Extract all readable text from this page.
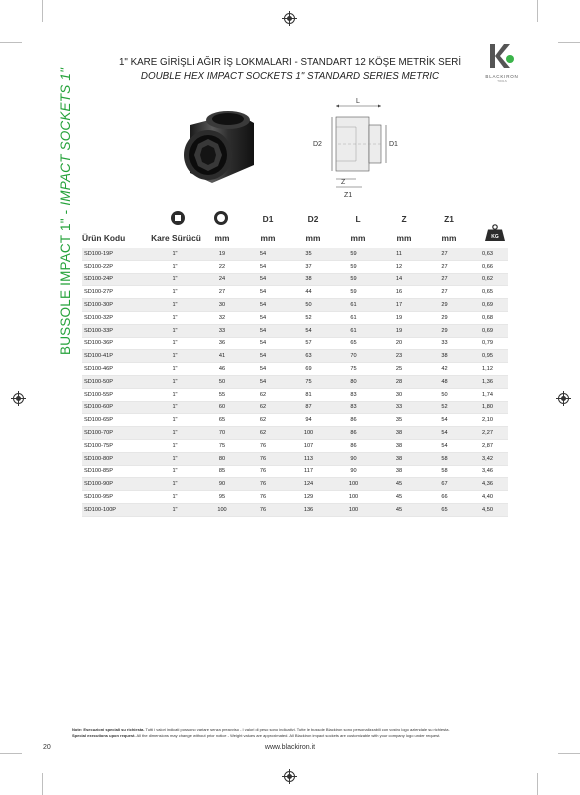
BUSSOLE IMPACT 1" - IMPACT SOCKETS 1"
1" KARE GİRİŞLİ AĞIR İŞ LOKMALARI - STANDART 12 KÖŞE METRİK SERİ
DOUBLE HEX IMPACT SOCKETS 1" STANDARD SERIES METRIC	BLACKIRON
TOOLS
L
D2	D1
Z
Z1
KG
D1	D2	L	Z	Z1
Ürün Kodu	Kare Sürücü	mm	mm	mm	mm	mm	mm
SD100-19P	1"	19	54	35	59	11	27	0,63
SD100-22P	1"	22	54	37	59	12	27	0,66
SD100-24P	1"	24	54	38	59	14	27	0,62
SD100-27P	1"	27	54	44	59	16	27	0,65
SD100-30P	1"	30	54	50	61	17	29	0,69
SD100-32P	1"	32	54	52	61	19	29	0,68
SD100-33P	1"	33	54	54	61	19	29	0,69
SD100-36P	1"	36	54	57	65	20	33	0,79
SD100-41P	1"	41	54	63	70	23	38	0,95
SD100-46P	1"	46	54	69	75	25	42	1,12
SD100-50P	1"	50	54	75	80	28	48	1,36
SD100-55P	1"	55	62	81	83	30	50	1,74
SD100-60P	1"	60	62	87	83	33	52	1,80
SD100-65P	1"	65	62	94	86	35	54	2,10
SD100-70P	1"	70	62	100	86	38	54	2,27
SD100-75P	1"	75	76	107	86	38	54	2,87
SD100-80P	1"	80	76	113	90	38	58	3,42
SD100-85P	1"	85	76	117	90	38	58	3,46
SD100-90P	1"	90	76	124	100	45	67	4,36
SD100-95P	1"	95	76	129	100	45	66	4,40
SD100-100P	1"	100	76	136	100	45	65	4,50
Note: Esecuzioni speciali su richiesta. Tutti i valori indicati possono variare senza preavviso - I valori di peso sono indicativi. Tutte le bussole Blackiron sono personalizzabili con vostro logo aziendale su richiesta.
Special executions upon request. All the dimensions may change without prior notice - Weight values are approximated. All Blackiron impact sockets are customizable with your company logo under request.
20	www.blackiron.it
